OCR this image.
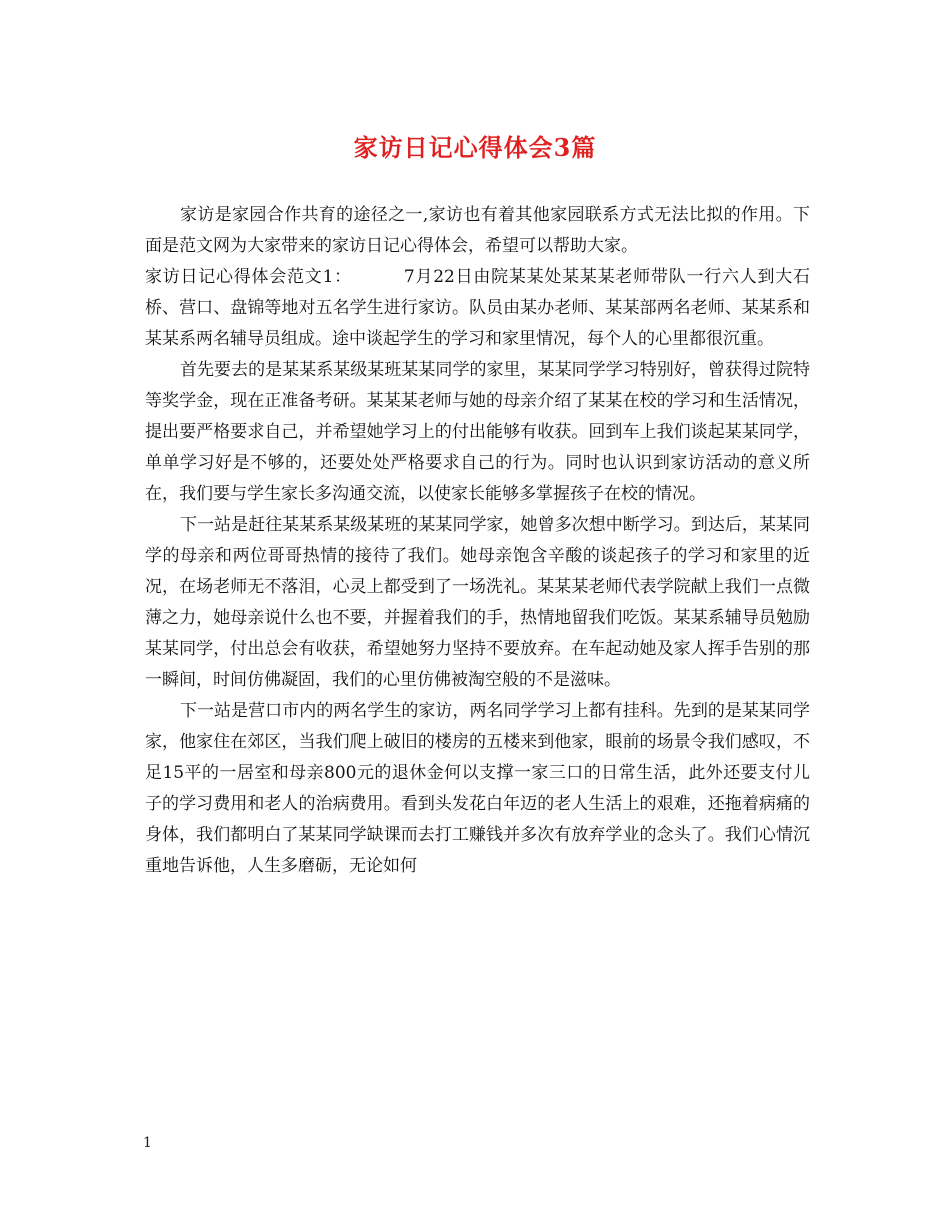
家访日记心得体会3篇

家访是家园合作共育的途径之一,家访也有着其他家园联系方式无法比拟的作用。下面是范文网为大家带来的家访日记心得体会，希望可以帮助大家。

家访日记心得体会范文1：	7月22日由院某某处某某某老师带队一行六人到大石桥、营口、盘锦等地对五名学生进行家访。队员由某办老师、某某部两名老师、某某系和某某系两名辅导员组成。途中谈起学生的学习和家里情况，每个人的心里都很沉重。

首先要去的是某某系某级某班某某同学的家里，某某同学学习特别好，曾获得过院特等奖学金，现在正准备考研。某某某老师与她的母亲介绍了某某在校的学习和生活情况，提出要严格要求自己，并希望她学习上的付出能够有收获。回到车上我们谈起某某同学，单单学习好是不够的，还要处处严格要求自己的行为。同时也认识到家访活动的意义所在，我们要与学生家长多沟通交流，以使家长能够多掌握孩子在校的情况。

下一站是赶往某某系某级某班的某某同学家，她曾多次想中断学习。到达后，某某同学的母亲和两位哥哥热情的接待了我们。她母亲饱含辛酸的谈起孩子的学习和家里的近况，在场老师无不落泪，心灵上都受到了一场洗礼。某某某老师代表学院献上我们一点微薄之力，她母亲说什么也不要，并握着我们的手，热情地留我们吃饭。某某系辅导员勉励某某同学，付出总会有收获，希望她努力坚持不要放弃。在车起动她及家人挥手告别的那一瞬间，时间仿佛凝固，我们的心里仿佛被淘空般的不是滋味。

下一站是营口市内的两名学生的家访，两名同学学习上都有挂科。先到的是某某同学家，他家住在郊区，当我们爬上破旧的楼房的五楼来到他家，眼前的场景令我们感叹，不足15平的一居室和母亲800元的退休金何以支撑一家三口的日常生活，此外还要支付儿子的学习费用和老人的治病费用。看到头发花白年迈的老人生活上的艰难，还拖着病痛的身体，我们都明白了某某同学缺课而去打工赚钱并多次有放弃学业的念头了。我们心情沉重地告诉他，人生多磨砺，无论如何

1
